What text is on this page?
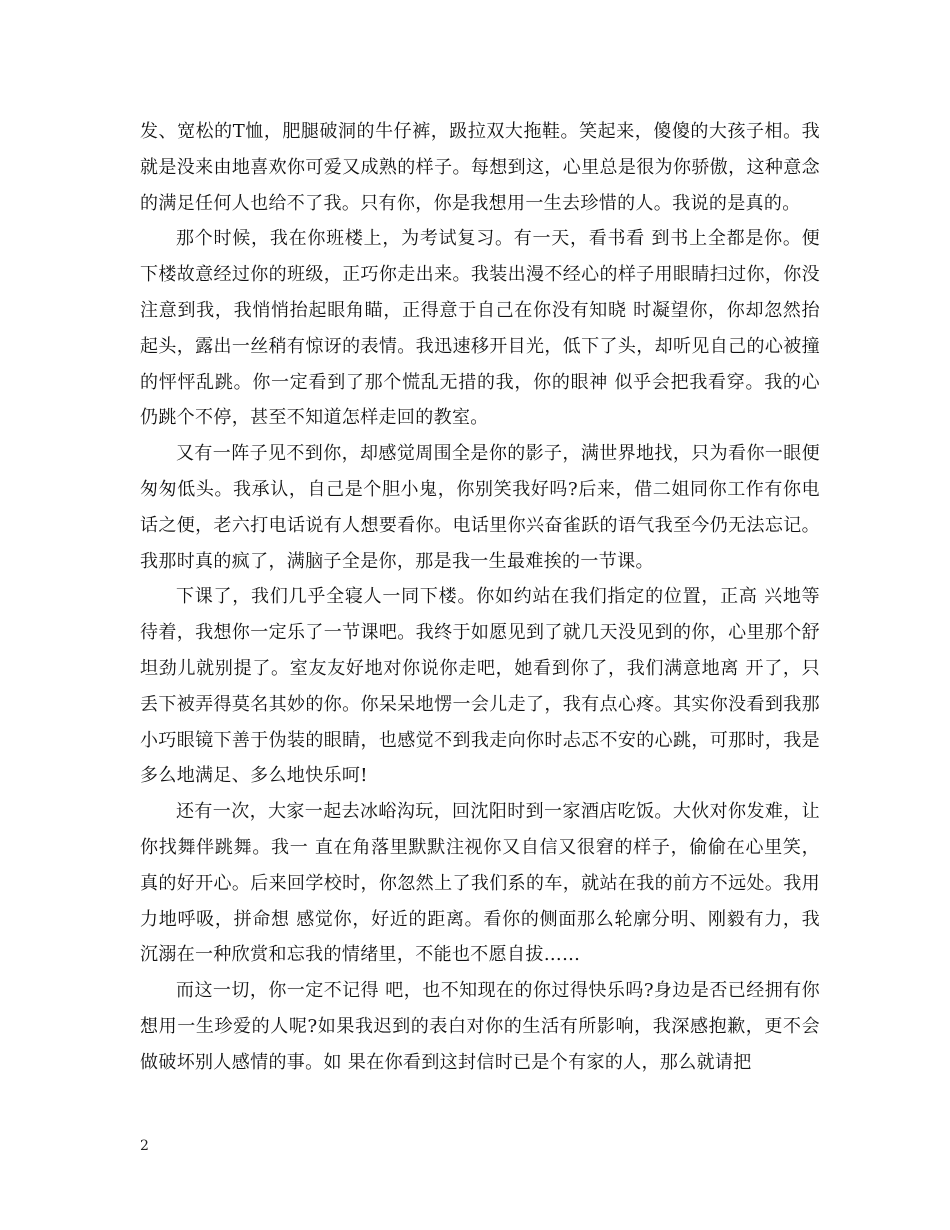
发、宽松的T恤，肥腿破洞的牛仔裤，趿拉双大拖鞋。笑起来，傻傻的大孩子相。我就是没来由地喜欢你可爱又成熟的样子。每想到这，心里总是很为你骄傲，这种意念的满足任何人也给不了我。只有你，你是我想用一生去珍惜的人。我说的是真的。

那个时候，我在你班楼上，为考试复习。有一天，看书看 到书上全都是你。便下楼故意经过你的班级，正巧你走出来。我装出漫不经心的样子用眼睛扫过你，你没注意到我，我悄悄抬起眼角瞄，正得意于自己在你没有知晓 时凝望你，你却忽然抬起头，露出一丝稍有惊讶的表情。我迅速移开目光，低下了头，却听见自己的心被撞的怦怦乱跳。你一定看到了那个慌乱无措的我，你的眼神 似乎会把我看穿。我的心仍跳个不停，甚至不知道怎样走回的教室。

又有一阵子见不到你，却感觉周围全是你的影子，满世界地找，只为看你一眼便匆匆低头。我承认，自己是个胆小鬼，你别笑我好吗?后来，借二姐同你工作有你电话之便，老六打电话说有人想要看你。电话里你兴奋雀跃的语气我至今仍无法忘记。我那时真的疯了，满脑子全是你，那是我一生最难挨的一节课。

下课了，我们几乎全寝人一同下楼。你如约站在我们指定的位置，正高 兴地等待着，我想你一定乐了一节课吧。我终于如愿见到了就几天没见到的你，心里那个舒坦劲儿就别提了。室友友好地对你说你走吧，她看到你了，我们满意地离 开了，只丢下被弄得莫名其妙的你。你呆呆地愣一会儿走了，我有点心疼。其实你没看到我那小巧眼镜下善于伪装的眼睛，也感觉不到我走向你时忐忑不安的心跳，可那时，我是多么地满足、多么地快乐呵!

还有一次，大家一起去冰峪沟玩，回沈阳时到一家酒店吃饭。大伙对你发难，让你找舞伴跳舞。我一 直在角落里默默注视你又自信又很窘的样子，偷偷在心里笑，真的好开心。后来回学校时，你忽然上了我们系的车，就站在我的前方不远处。我用力地呼吸，拼命想 感觉你，好近的距离。看你的侧面那么轮廓分明、刚毅有力，我沉溺在一种欣赏和忘我的情绪里，不能也不愿自拔……

而这一切，你一定不记得 吧，也不知现在的你过得快乐吗?身边是否已经拥有你想用一生珍爱的人呢?如果我迟到的表白对你的生活有所影响，我深感抱歉，更不会做破坏别人感情的事。如 果在你看到这封信时已是个有家的人，那么就请把

2
